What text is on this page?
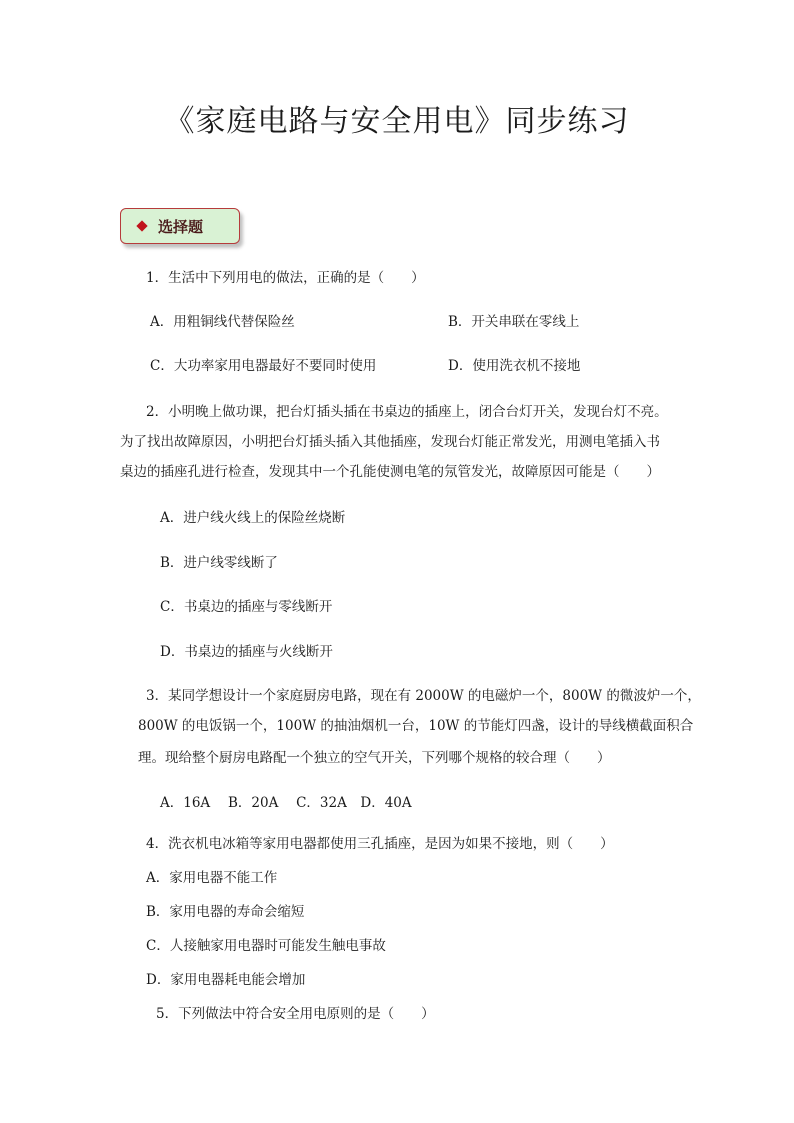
《家庭电路与安全用电》同步练习
选择题
1．生活中下列用电的做法，正确的是（　　）
A．用粗铜线代替保险丝	B．开关串联在零线上
C．大功率家用电器最好不要同时使用	D．使用洗衣机不接地
2．小明晚上做功课，把台灯插头插在书桌边的插座上，闭合台灯开关，发现台灯不亮。
为了找出故障原因，小明把台灯插头插入其他插座，发现台灯能正常发光，用测电笔插入书
桌边的插座孔进行检查，发现其中一个孔能使测电笔的氖管发光，故障原因可能是（　　）
A．进户线火线上的保险丝烧断
B．进户线零线断了
C．书桌边的插座与零线断开
D．书桌边的插座与火线断开
3．某同学想设计一个家庭厨房电路，现在有 2000W 的电磁炉一个，800W 的微波炉一个，
800W 的电饭锅一个，100W 的抽油烟机一台，10W 的节能灯四盏，设计的导线横截面积合
理。现给整个厨房电路配一个独立的空气开关，下列哪个规格的较合理（　　）
A．16A　 B．20A　 C．32A　D．40A
4．洗衣机电冰箱等家用电器都使用三孔插座，是因为如果不接地，则（　　）
A．家用电器不能工作
B．家用电器的寿命会缩短
C．人接触家用电器时可能发生触电事故
D．家用电器耗电能会增加
5．下列做法中符合安全用电原则的是（　　）
